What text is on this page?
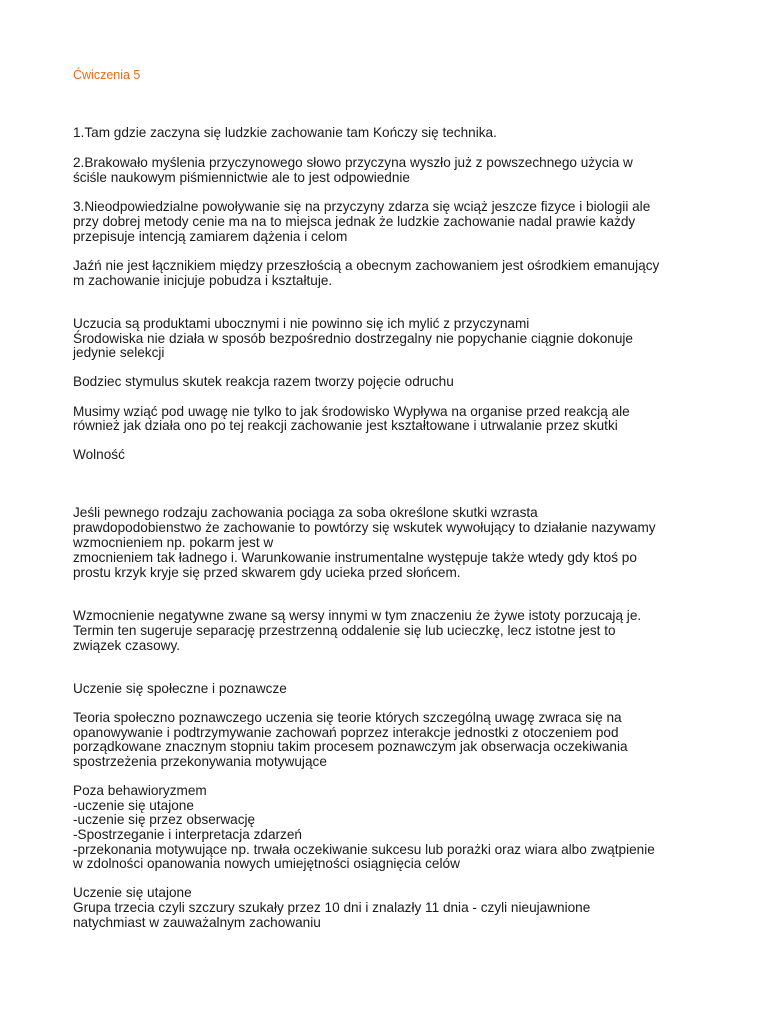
Ćwiczenia 5
1.Tam gdzie zaczyna się ludzkie zachowanie tam Kończy się technika.
2.Brakowało myślenia przyczynowego słowo przyczyna wyszło już z powszechnego użycia w
ściśle naukowym piśmiennictwie ale to jest odpowiednie
3.Nieodpowiedzialne powoływanie się na przyczyny zdarza się wciąż jeszcze fizyce i biologii ale
przy dobrej metody cenie ma na to miejsca jednak że ludzkie zachowanie nadal prawie każdy
przepisuje intencją zamiarem dążenia i celom
Jaźń nie jest łącznikiem między przeszłością a obecnym zachowaniem jest ośrodkiem emanujący
m zachowanie inicjuje pobudza i kształtuje.
Uczucia są produktami ubocznymi i nie powinno się ich mylić z przyczynami
Środowiska nie działa w sposób bezpośrednio dostrzegalny nie popychanie ciągnie dokonuje
jedynie selekcji
Bodziec stymulus skutek reakcja razem tworzy pojęcie odruchu
Musimy wziąć pod uwagę nie tylko to jak środowisko Wypływa na organise przed reakcją ale
również jak działa ono po tej reakcji zachowanie jest kształtowane i utrwalanie przez skutki
Wolność
Jeśli pewnego rodzaju zachowania pociąga za soba określone skutki wzrasta
prawdopodobienstwo że zachowanie to powtórzy się wskutek wywołujący to działanie nazywamy
wzmocnieniem np. pokarm jest w
zmocnieniem tak ładnego i. Warunkowanie instrumentalne występuje także wtedy gdy ktoś po
prostu krzyk kryje się przed skwarem gdy ucieka przed słońcem.
Wzmocnienie negatywne zwane są wersy innymi w tym znaczeniu że żywe istoty porzucają je.
Termin ten sugeruje separację przestrzenną oddalenie się lub ucieczkę, lecz istotne jest to
związek czasowy.
Uczenie się społeczne i poznawcze
Teoria społeczno poznawczego uczenia się teorie których szczególną uwagę zwraca się na
opanowywanie i podtrzymywanie zachowań poprzez interakcje jednostki z otoczeniem pod
porządkowane znacznym stopniu takim procesem poznawczym jak obserwacja oczekiwania
spostrzeżenia przekonywania motywujące
Poza behawioryzmem
-uczenie się utajone
-uczenie się przez obserwację
-Spostrzeganie i interpretacja zdarzeń
-przekonania motywujące np. trwała oczekiwanie sukcesu lub porażki oraz wiara albo zwątpienie
w zdolności opanowania nowych umiejętności osiągnięcia celów
Uczenie się utajone
Grupa trzecia czyli szczury szukały przez 10 dni i znalazły 11 dnia - czyli nieujawnione
natychmiast w zauważalnym zachowaniu
